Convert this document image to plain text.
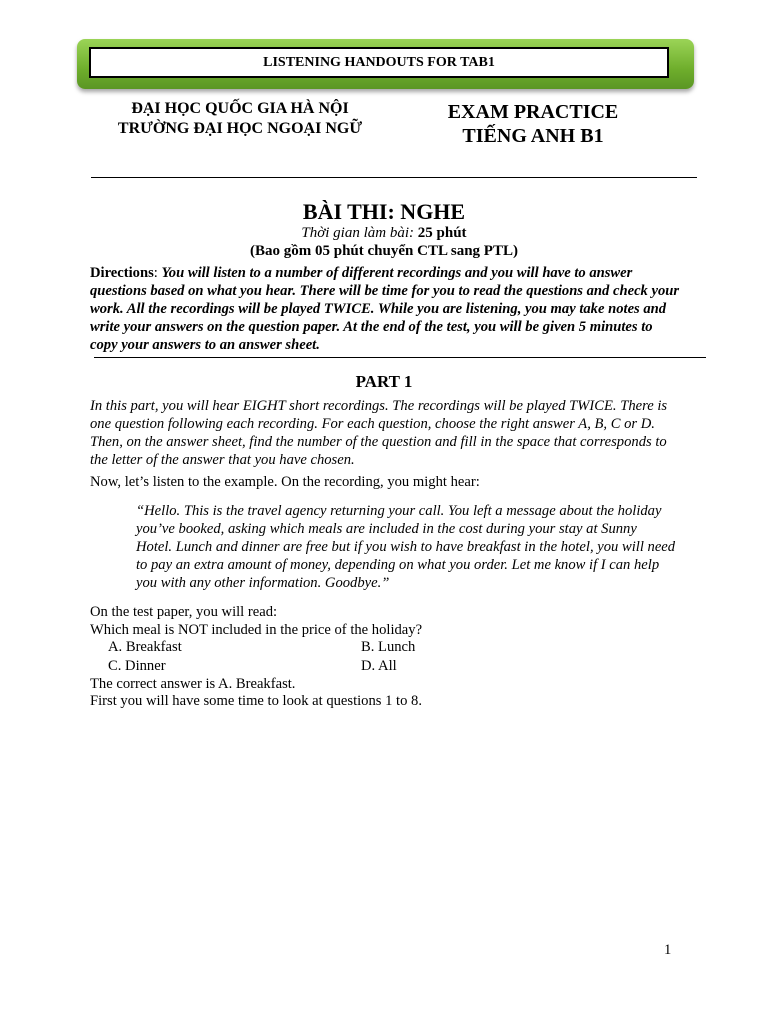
LISTENING HANDOUTS FOR TAB1
ĐẠI HỌC QUỐC GIA HÀ NỘI
TRƯỜNG ĐẠI HỌC NGOẠI NGỮ
EXAM PRACTICE
TIẾNG ANH B1
BÀI THI: NGHE
Thời gian làm bài: 25 phút
(Bao gồm 05 phút chuyển CTL sang PTL)
Directions: You will listen to a number of different recordings and you will have to answer questions based on what you hear. There will be time for you to read the questions and check your work. All the recordings will be played TWICE. While you are listening, you may take notes and write your answers on the question paper. At the end of the test, you will be given 5 minutes to copy your answers to an answer sheet.
PART 1
In this part, you will hear EIGHT short recordings. The recordings will be played TWICE. There is one question following each recording. For each question, choose the right answer A, B, C or D. Then, on the answer sheet, find the number of the question and fill in the space that corresponds to the letter of the answer that you have chosen.
Now, let’s listen to the example. On the recording, you might hear:
“Hello. This is the travel agency returning your call. You left a message about the holiday you’ve booked, asking which meals are included in the cost during your stay at Sunny Hotel. Lunch and dinner are free but if you wish to have breakfast in the hotel, you will need to pay an extra amount of money, depending on what you order. Let me know if I can help you with any other information. Goodbye.”
On the test paper, you will read:
Which meal is NOT included in the price of the holiday?
A. Breakfast	B. Lunch
C. Dinner	D. All
The correct answer is A. Breakfast.
First you will have some time to look at questions 1 to 8.
1
